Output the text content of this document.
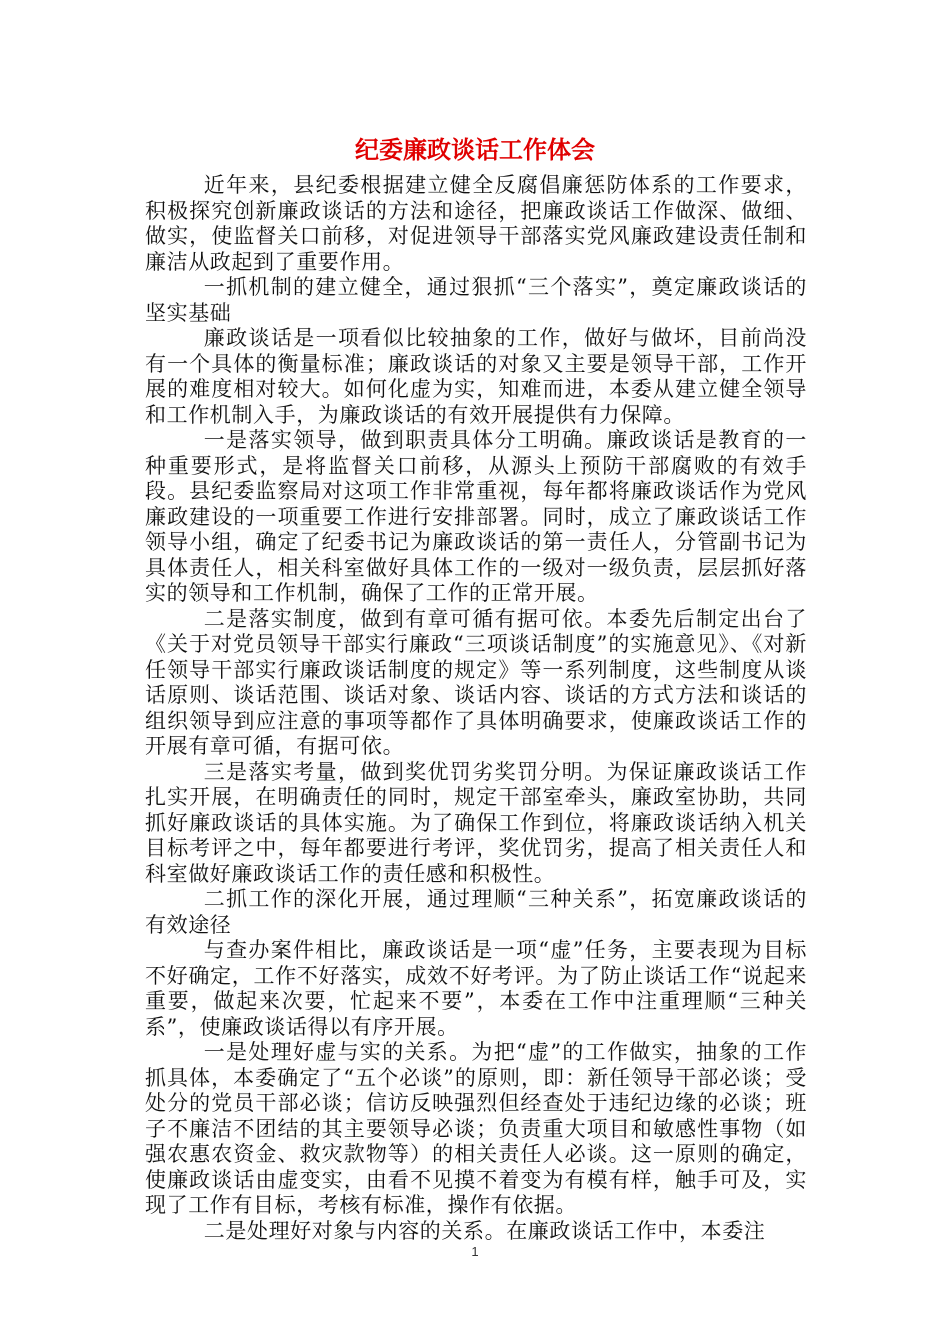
纪委廉政谈话工作体会

近年来，县纪委根据建立健全反腐倡廉惩防体系的工作要求，积极探究创新廉政谈话的方法和途径，把廉政谈话工作做深、做细、做实，使监督关口前移，对促进领导干部落实党风廉政建设责任制和廉洁从政起到了重要作用。

一抓机制的建立健全，通过狠抓“三个落实”，奠定廉政谈话的坚实基础

廉政谈话是一项看似比较抽象的工作，做好与做坏，目前尚没有一个具体的衡量标准；廉政谈话的对象又主要是领导干部，工作开展的难度相对较大。如何化虚为实，知难而进，本委从建立健全领导和工作机制入手，为廉政谈话的有效开展提供有力保障。

一是落实领导，做到职责具体分工明确。廉政谈话是教育的一种重要形式，是将监督关口前移，从源头上预防干部腐败的有效手段。县纪委监察局对这项工作非常重视，每年都将廉政谈话作为党风廉政建设的一项重要工作进行安排部署。同时，成立了廉政谈话工作领导小组，确定了纪委书记为廉政谈话的第一责任人，分管副书记为具体责任人，相关科室做好具体工作的一级对一级负责，层层抓好落实的领导和工作机制，确保了工作的正常开展。

二是落实制度，做到有章可循有据可依。本委先后制定出台了《关于对党员领导干部实行廉政“三项谈话制度”的实施意见》、《对新任领导干部实行廉政谈话制度的规定》等一系列制度，这些制度从谈话原则、谈话范围、谈话对象、谈话内容、谈话的方式方法和谈话的组织领导到应注意的事项等都作了具体明确要求，使廉政谈话工作的开展有章可循，有据可依。

三是落实考量，做到奖优罚劣奖罚分明。为保证廉政谈话工作扎实开展，在明确责任的同时，规定干部室牵头，廉政室协助，共同抓好廉政谈话的具体实施。为了确保工作到位，将廉政谈话纳入机关目标考评之中，每年都要进行考评，奖优罚劣，提高了相关责任人和科室做好廉政谈话工作的责任感和积极性。

二抓工作的深化开展，通过理顺“三种关系”，拓宽廉政谈话的有效途径

与查办案件相比，廉政谈话是一项“虚”任务，主要表现为目标不好确定，工作不好落实，成效不好考评。为了防止谈话工作“说起来重要，做起来次要，忙起来不要”，本委在工作中注重理顺“三种关系”，使廉政谈话得以有序开展。

一是处理好虚与实的关系。为把“虚”的工作做实，抽象的工作抓具体，本委确定了“五个必谈”的原则，即：新任领导干部必谈；受处分的党员干部必谈；信访反映强烈但经查处于违纪边缘的必谈；班子不廉洁不团结的其主要领导必谈；负责重大项目和敏感性事物（如强农惠农资金、救灾款物等）的相关责任人必谈。这一原则的确定，使廉政谈话由虚变实，由看不见摸不着变为有模有样，触手可及，实现了工作有目标，考核有标准，操作有依据。

二是处理好对象与内容的关系。在廉政谈话工作中，本委注

1
